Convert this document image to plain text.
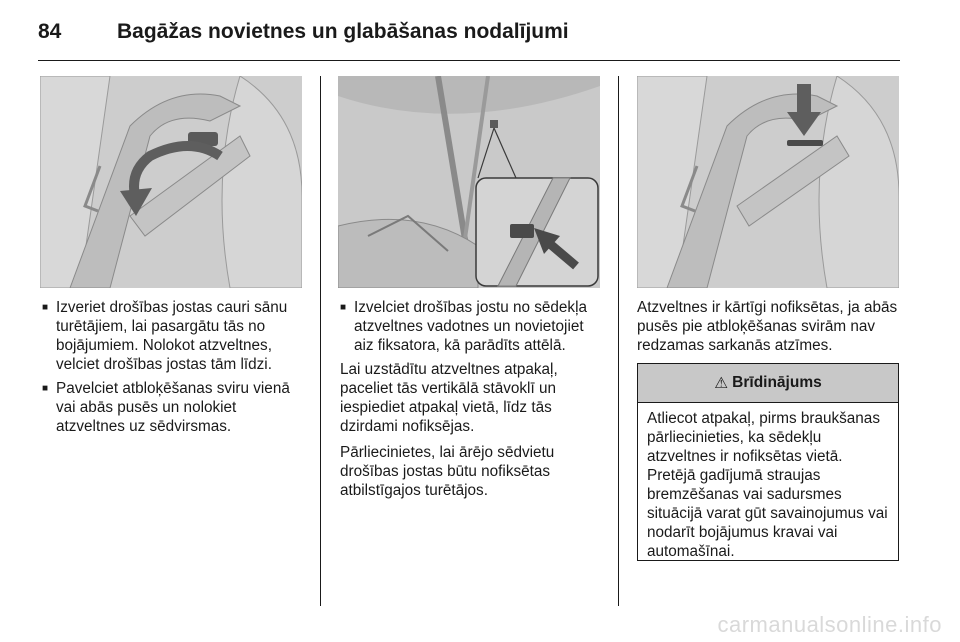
84	Bagāžas novietnes un glabāšanas nodalījumi
■ Izveriet drošības jostas cauri sānu turētājiem, lai pasargātu tās no bojājumiem. Nolokot atzveltnes, velciet drošības jostas tām līdzi.
■ Pavelciet atbloķēšanas sviru vienā vai abās pusēs un nolokiet atzveltnes uz sēdvirsmas.
■ Izvelciet drošības jostu no sēdekļa atzveltnes vadotnes un novietojiet aiz fiksatora, kā parādīts attēlā.

Lai uzstādītu atzveltnes atpakaļ, paceliet tās vertikālā stāvoklī un iespiediet atpakaļ vietā, līdz tās dzirdami nofiksējas.

Pārliecinietes, lai ārējo sēdvietu drošības jostas būtu nofiksētas atbilstīgajos turētājos.

Atzveltnes ir kārtīgi nofiksētas, ja abās pusēs pie atbloķēšanas svirām nav redzamas sarkanās atzīmes.

⚠ Brīdinājums
Atliecot atpakaļ, pirms braukšanas pārliecinieties, ka sēdekļu atzveltnes ir nofiksētas vietā. Pretējā gadījumā straujas bremzēšanas vai sadursmes situācijā varat gūt savainojumus vai nodarīt bojājumus kravai vai automašīnai.
carmanualsonline.info
